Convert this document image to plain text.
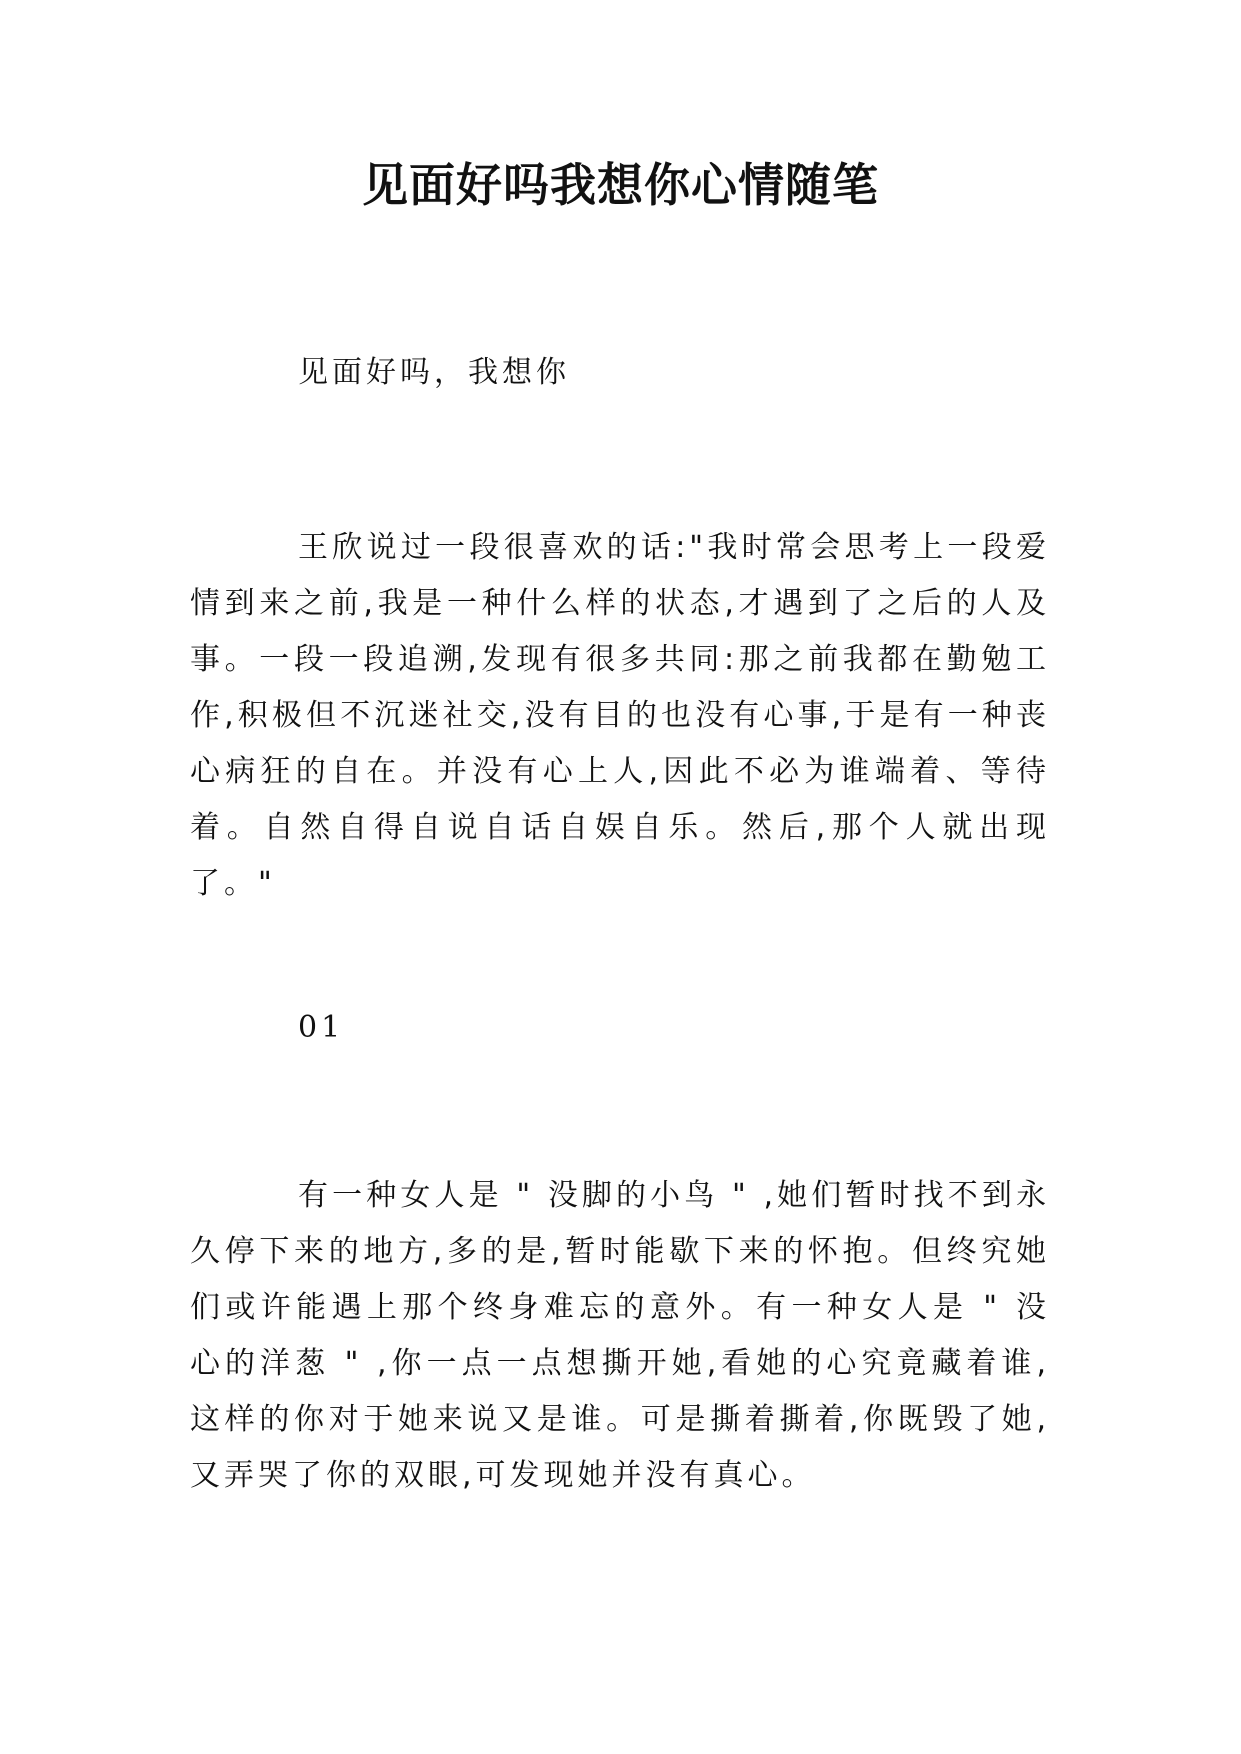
见面好吗我想你心情随笔

见面好吗，我想你

王欣说过一段很喜欢的话:"我时常会思考上一段爱情到来之前,我是一种什么样的状态,才遇到了之后的人及事。一段一段追溯,发现有很多共同:那之前我都在勤勉工作,积极但不沉迷社交,没有目的也没有心事,于是有一种丧心病狂的自在。并没有心上人,因此不必为谁端着、等待着。自然自得自说自话自娱自乐。然后,那个人就出现了。"

01

有一种女人是 " 没脚的小鸟 " ,她们暂时找不到永久停下来的地方,多的是,暂时能歇下来的怀抱。但终究她们或许能遇上那个终身难忘的意外。有一种女人是 " 没心的洋葱 " ,你一点一点想撕开她,看她的心究竟藏着谁,这样的你对于她来说又是谁。可是撕着撕着,你既毁了她,又弄哭了你的双眼,可发现她并没有真心。
